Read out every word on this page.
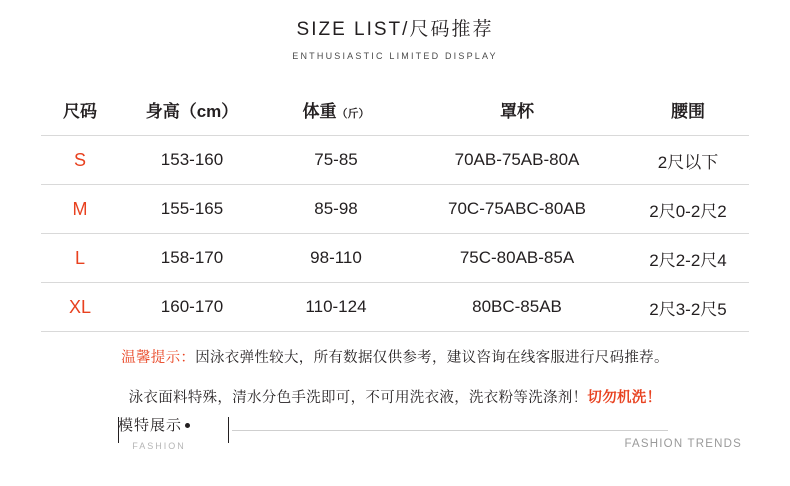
SIZE LIST/尺码推荐
ENTHUSIASTIC LIMITED DISPLAY
尺码	身高（cm）	体重（斤）	罩杯	腰围
S	153-160	75-85	70AB-75AB-80A	2尺以下
M	155-165	85-98	70C-75ABC-80AB	2尺0-2尺2
L	158-170	98-110	75C-80AB-85A	2尺2-2尺4
XL	160-170	110-124	80BC-85AB	2尺3-2尺5
温馨提示：因泳衣弹性较大，所有数据仅供参考，建议咨询在线客服进行尺码推荐。
泳衣面料特殊，清水分色手洗即可，不可用洗衣液，洗衣粉等洗涤剂！切勿机洗！
模特展示
FASHION	FASHION TRENDS
